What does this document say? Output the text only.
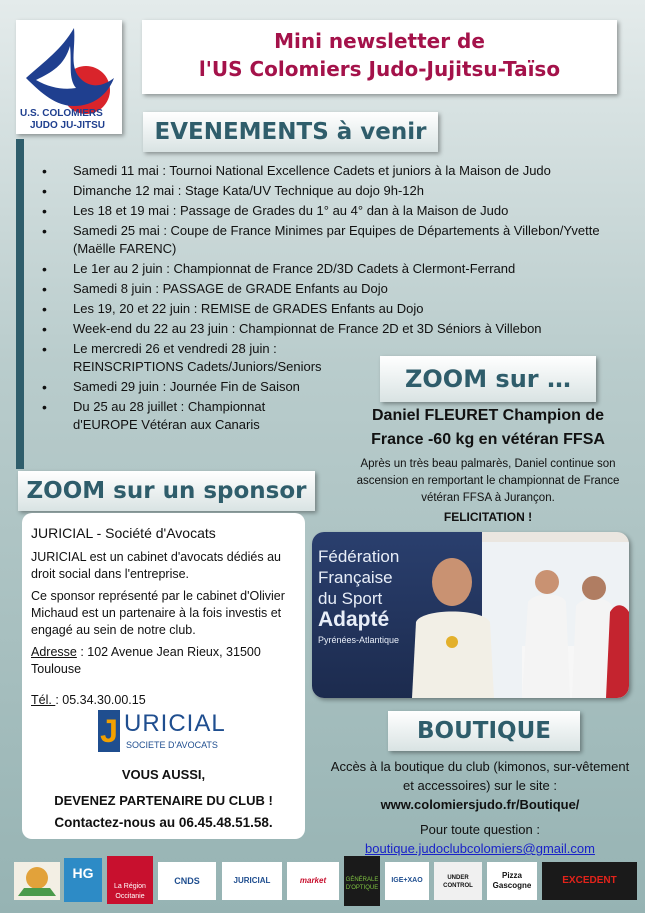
U.S. COLOMIERS
JUDO JU-JITSU
Mini newsletter de
l'US Colomiers Judo-Jujitsu-Taïso
EVENEMENTS à venir
• Samedi 11 mai : Tournoi National Excellence Cadets et juniors à la Maison de Judo
• Dimanche 12 mai : Stage Kata/UV Technique au dojo 9h-12h
• Les 18 et 19 mai : Passage de Grades du 1° au 4° dan à la Maison de Judo
• Samedi 25 mai : Coupe de France Minimes par Equipes de Départements à Villebon/Yvette (Maëlle FARENC)
• Le 1er au 2 juin : Championnat de France 2D/3D Cadets à Clermont-Ferrand
• Samedi 8 juin : PASSAGE de GRADE Enfants au Dojo
• Les 19, 20 et 22 juin : REMISE de GRADES Enfants au Dojo
• Week-end du 22 au 23 juin : Championnat de France 2D et 3D Séniors à Villebon
• Le mercredi 26 et vendredi 28 juin : REINSCRIPTIONS Cadets/Juniors/Seniors
• Samedi 29 juin : Journée Fin de Saison
• Du 25 au 28 juillet : Championnat d'EUROPE Vétéran aux Canaris
ZOOM sur …
Daniel FLEURET Champion de France -60 kg en vétéran FFSA
Après un très beau palmarès, Daniel continue son ascension en remportant le championnat de France vétéran FFSA à Jurançon.
FELICITATION !
Fédération
Française
du Sport
Adapté
Pyrénées-Atlantique
ZOOM sur un sponsor
JURICIAL - Société d'Avocats

JURICIAL est un cabinet d'avocats dédiés au droit social dans l'entreprise.

Ce sponsor représenté par le cabinet d'Olivier Michaud est un partenaire à la fois investis et engagé au sein de notre club.

Adresse : 102 Avenue Jean Rieux, 31500 Toulouse

Tél. : 05.34.30.00.15

J URICIAL
SOCIETE D'AVOCATS
VOUS AUSSI,
DEVENEZ PARTENAIRE DU CLUB !
Contactez-nous au 06.45.48.51.58.
BOUTIQUE
Accès à la boutique du club (kimonos, sur-vêtement et accessoires) sur le site :
www.colomiersjudo.fr/Boutique/
Pour toute question :
boutique.judoclubcolomiers@gmail.com
HG
La Région Occitanie
CNDS	JURICIAL	market	GÉNÉRALE D'OPTIQUE
IGE+XAO	UNDER CONTROL
Pizza Gascogne	EXCEDENT
